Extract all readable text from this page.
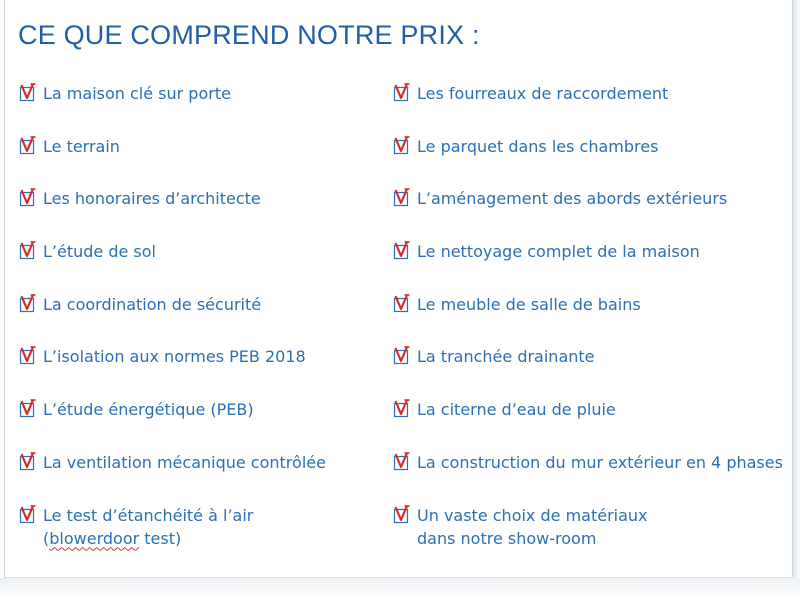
CE QUE COMPREND NOTRE PRIX :
La maison clé sur porte
Le terrain
Les honoraires d’architecte
L’étude de sol
La coordination de sécurité
L’isolation aux normes PEB 2018
L’étude énergétique (PEB)
La ventilation mécanique contrôlée
Le test d’étanchéité à l’air
(blowerdoor test)
Les fourreaux de raccordement
Le parquet dans les chambres
L’aménagement des abords extérieurs
Le nettoyage complet de la maison
Le meuble de salle de bains
La tranchée drainante
La citerne d’eau de pluie
La construction du mur extérieur en 4 phases
Un vaste choix de matériaux
dans notre show-room
